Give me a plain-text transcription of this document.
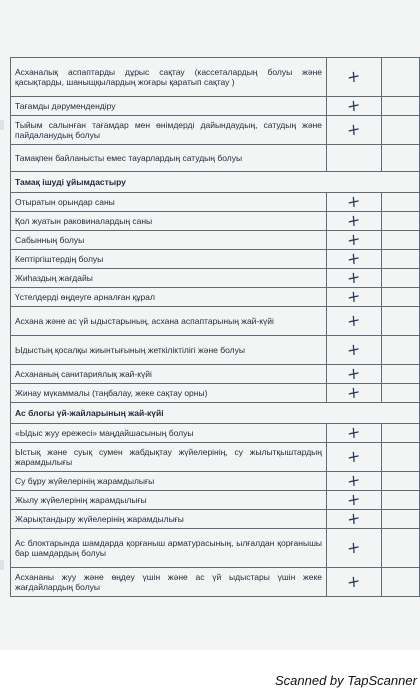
Асханалық аспаптарды дұрыс сақтау (кассеталардың болуы және қасықтарды, шаныщқылардың жоғары қаратып сақтау )	+	
Тағамды дәрумендендіру	+	
Тыйым салынған тағамдар мен өнімдерді дайындаудың, сатудың және пайдаланудың болуы	+	
Тамақпен байланысты емес тауарлардың сатудың болуы		
Тамақ ішуді ұйымдастыру		
Отыратын орындар саны	+	
Қол жуатын раковиналардың саны	+	
Сабынның болуы	+	
Кептіргіштердің болуы	+	
Жиһаздың жағдайы	+	
Үстелдерді өңдеуге арналған құрал	+	
Асхана және ас үй ыдыстарының, асхана аспаптарының жай-күйі	+	
Ыдыстың қосалқы жиынтығының жеткіліктілігі және болуы	+	
Асхананың санитариялық жай-күйі	+	
Жинау мүкаммалы (таңбалау, жеке сақтау орны)	+	
Ас блогы үй-жайларының жай-күйі		
«Ыдыс жуу ережесі» маңдайшасының болуы	+	
Ыстық және суық сумен жабдықтау жүйелерінің, су жылытқыштардың жарамдылығы	+	
Су бұру жүйелерінің жарамдылығы	+	
Жылу жүйелерінің жарамдылығы	+	
Жарықтандыру жүйелерінің жарамдылығы	+	
Ас блоктарында шамдарда қорғаныш арматурасының, ылғалдан қорғанышы бар шамдардың болуы	+	
Асхананы жуу және өңдеу үшін және ас үй ыдыстары үшін жеке жағдайлардың болуы	+	
Scanned by TapScanner
